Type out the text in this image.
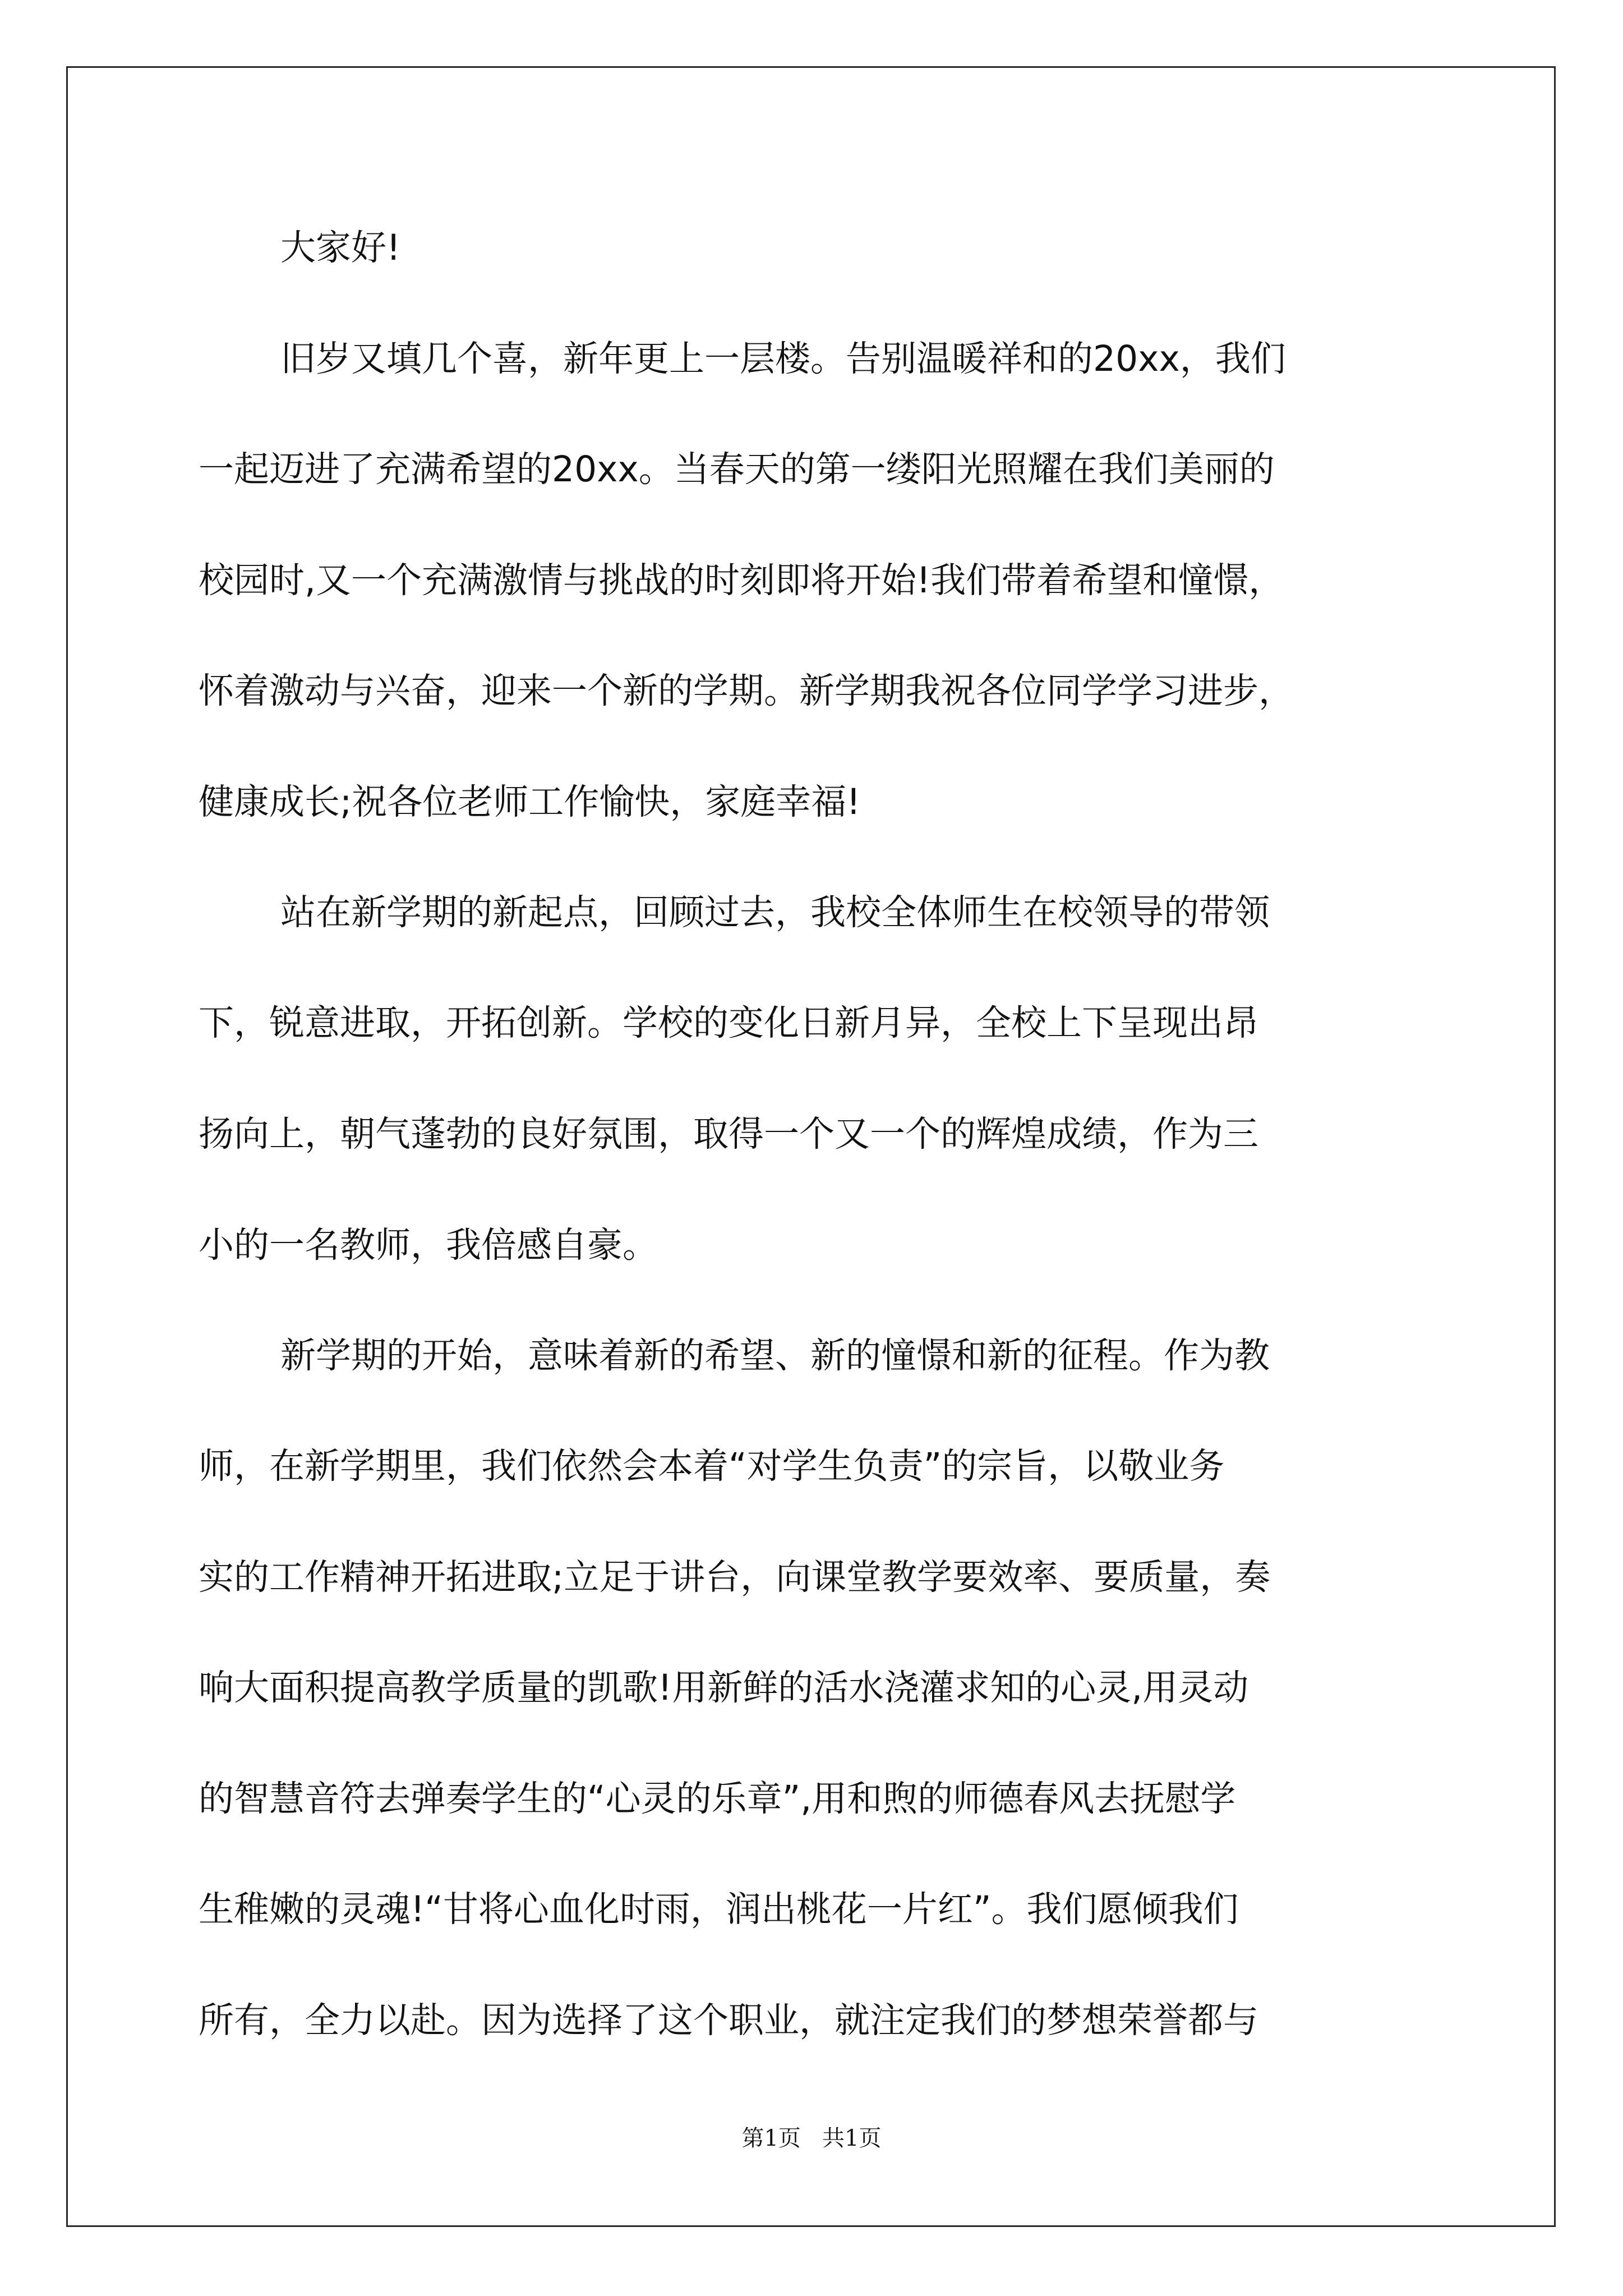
大家好!

旧岁又填几个喜，新年更上一层楼。告别温暖祥和的20xx，我们

一起迈进了充满希望的20xx。当春天的第一缕阳光照耀在我们美丽的

校园时,又一个充满激情与挑战的时刻即将开始!我们带着希望和憧憬，

怀着激动与兴奋，迎来一个新的学期。新学期我祝各位同学学习进步，

健康成长;祝各位老师工作愉快，家庭幸福!

站在新学期的新起点，回顾过去，我校全体师生在校领导的带领

下，锐意进取，开拓创新。学校的变化日新月异，全校上下呈现出昂

扬向上，朝气蓬勃的良好氛围，取得一个又一个的辉煌成绩，作为三

小的一名教师，我倍感自豪。

新学期的开始，意味着新的希望、新的憧憬和新的征程。作为教

师，在新学期里，我们依然会本着“对学生负责”的宗旨，以敬业务

实的工作精神开拓进取;立足于讲台，向课堂教学要效率、要质量，奏

响大面积提高教学质量的凯歌!用新鲜的活水浇灌求知的心灵,用灵动

的智慧音符去弹奏学生的“心灵的乐章”,用和煦的师德春风去抚慰学

生稚嫩的灵魂!“甘将心血化时雨，润出桃花一片红”。我们愿倾我们

所有，全力以赴。因为选择了这个职业，就注定我们的梦想荣誉都与

第1页   共1页
